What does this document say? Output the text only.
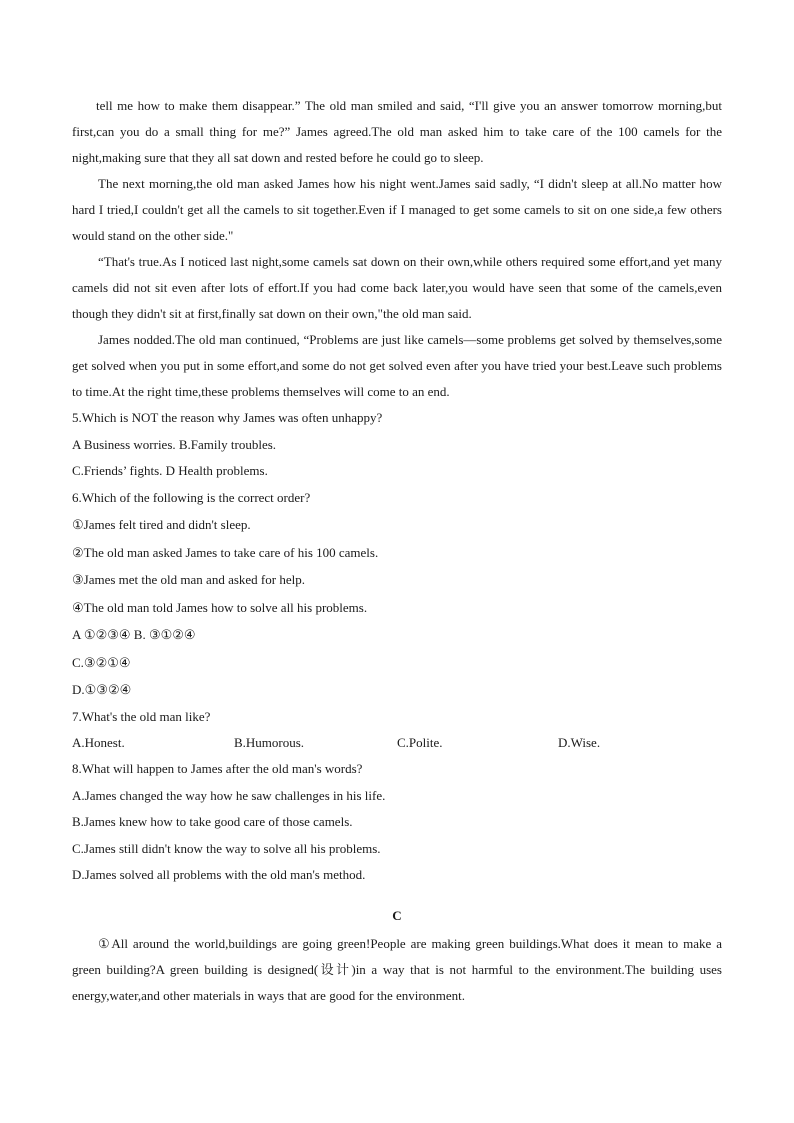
tell me how to make them disappear.” The old man smiled and said, “I'll give you an answer tomorrow morning,but first,can you do a small thing for me?” James agreed.The old man asked him to take care of the 100 camels for the night,making sure that they all sat down and rested before he could go to sleep.

The next morning,the old man asked James how his night went.James said sadly, “I didn't sleep at all.No matter how hard I tried,I couldn't get all the camels to sit together.Even if I managed to get some camels to sit on one side,a few others would stand on the other side."

“That's true.As I noticed last night,some camels sat down on their own,while others required some effort,and yet many camels did not sit even after lots of effort.If you had come back later,you would have seen that some of the camels,even though they didn't sit at first,finally sat down on their own,"the old man said.

James nodded.The old man continued, “Problems are just like camels—some problems get solved by themselves,some get solved when you put in some effort,and some do not get solved even after you have tried your best.Leave such problems to time.At the right time,these problems themselves will come to an end.

5.Which is NOT the reason why James was often unhappy?

A Business worries. B.Family troubles.

C.Friends’ fights. D Health problems.

6.Which of the following is the correct order?

①James felt tired and didn't sleep.

②The old man asked James to take care of his 100 camels.

③James met the old man and asked for help.

④The old man told James how to solve all his problems.

A ①②③④ B. ③①②④

C.③②①④

D.①③②④

7.What's the old man like?

A.Honest.	B.Humorous.	C.Polite.	D.Wise.

8.What will happen to James after the old man's words?

A.James changed the way how he saw challenges in his life.

B.James knew how to take good care of those camels.

C.James still didn't know the way to solve all his problems.

D.James solved all problems with the old man's method.

C

①All around the world,buildings are going green!People are making green buildings.What does it mean to make a green building?A green building is designed(设计)in a way that is not harmful to the environment.The building uses energy,water,and other materials in ways that are good for the environment.
